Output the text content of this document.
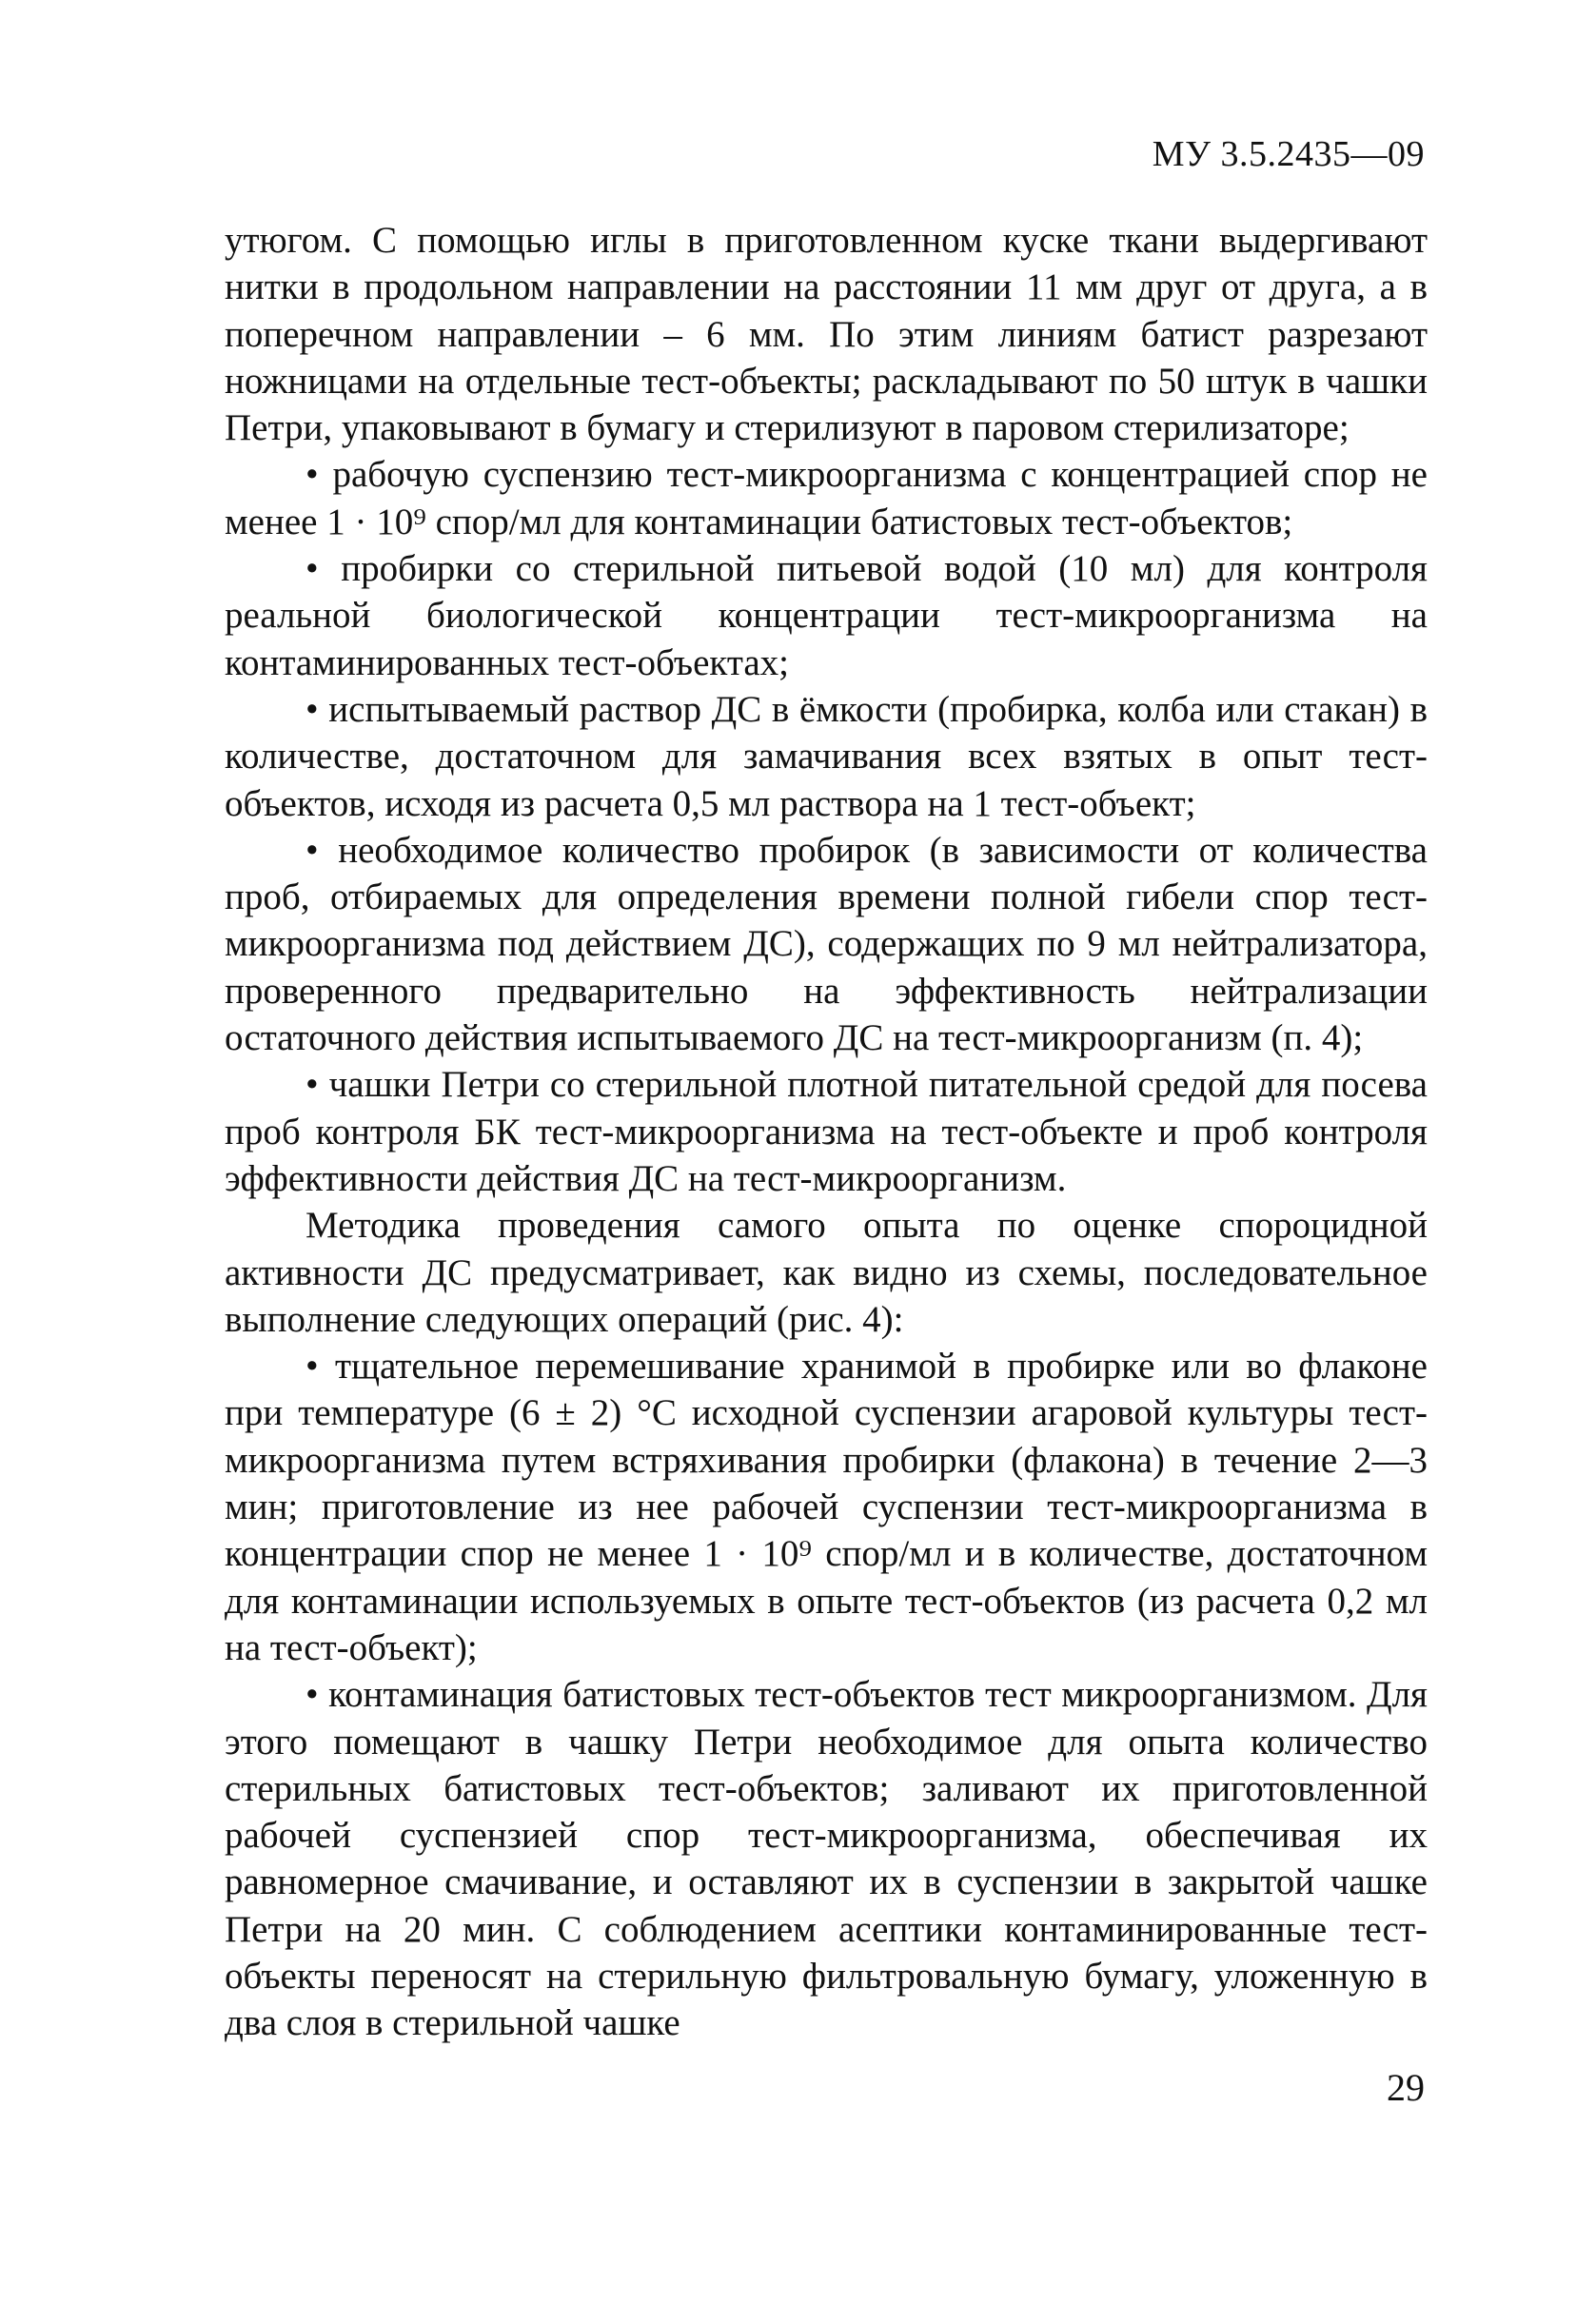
МУ 3.5.2435—09

утюгом. С помощью иглы в приготовленном куске ткани выдергивают нитки в продольном направлении на расстоянии 11 мм друг от друга, а в поперечном направлении – 6 мм. По этим линиям батист разрезают ножницами на отдельные тест-объекты; раскладывают по 50 штук в чашки Петри, упаковывают в бумагу и стерилизуют в паровом стерилизаторе;

• рабочую суспензию тест-микроорганизма с концентрацией спор не менее 1 · 10⁹ спор/мл для контаминации батистовых тест-объектов;

• пробирки со стерильной питьевой водой (10 мл) для контроля реальной биологической концентрации тест-микроорганизма на контаминированных тест-объектах;

• испытываемый раствор ДС в ёмкости (пробирка, колба или стакан) в количестве, достаточном для замачивания всех взятых в опыт тест-объектов, исходя из расчета 0,5 мл раствора на 1 тест-объект;

• необходимое количество пробирок (в зависимости от количества проб, отбираемых для определения времени полной гибели спор тест-микроорганизма под действием ДС), содержащих по 9 мл нейтрализатора, проверенного предварительно на эффективность нейтрализации остаточного действия испытываемого ДС на тест-микроорганизм (п. 4);

• чашки Петри со стерильной плотной питательной средой для посева проб контроля БК тест-микроорганизма на тест-объекте и проб контроля эффективности действия ДС на тест-микроорганизм.

Методика проведения самого опыта по оценке спороцидной активности ДС предусматривает, как видно из схемы, последовательное выполнение следующих операций (рис. 4):

• тщательное перемешивание хранимой в пробирке или во флаконе при температуре (6 ± 2) °С исходной суспензии агаровой культуры тест-микроорганизма путем встряхивания пробирки (флакона) в течение 2—3 мин; приготовление из нее рабочей суспензии тест-микроорганизма в концентрации спор не менее 1 · 10⁹ спор/мл и в количестве, достаточном для контаминации используемых в опыте тест-объектов (из расчета 0,2 мл на тест-объект);

• контаминация батистовых тест-объектов тест микроорганизмом. Для этого помещают в чашку Петри необходимое для опыта количество стерильных батистовых тест-объектов; заливают их приготовленной рабочей суспензией спор тест-микроорганизма, обеспечивая их равномерное смачивание, и оставляют их в суспензии в закрытой чашке Петри на 20 мин. С соблюдением асептики контаминированные тест-объекты переносят на стерильную фильтровальную бумагу, уложенную в два слоя в стерильной чашке

29
